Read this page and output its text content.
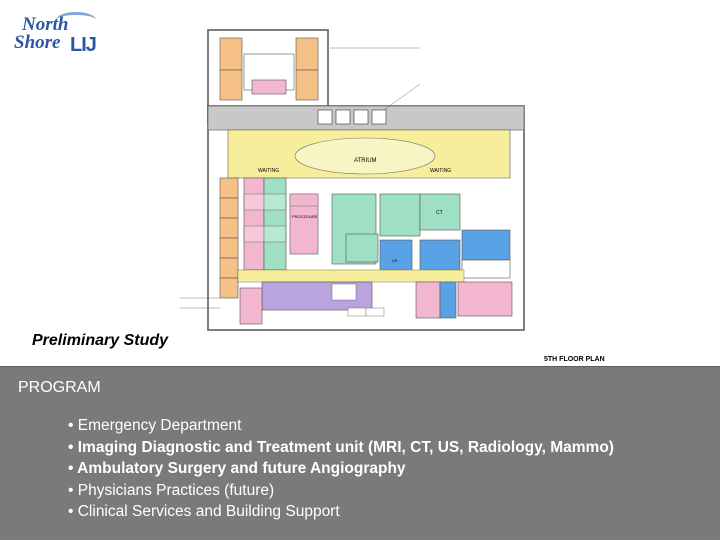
North
Shore LIJ
ATRIUM
WAITING	WAITING
PROCEDURE
CT
US
Preliminary Study
5TH FLOOR PLAN
PROGRAM
• Emergency Department
• Imaging Diagnostic and Treatment unit (MRI, CT, US, Radiology, Mammo)
• Ambulatory Surgery and future Angiography
• Physicians Practices (future)
• Clinical Services and Building Support
